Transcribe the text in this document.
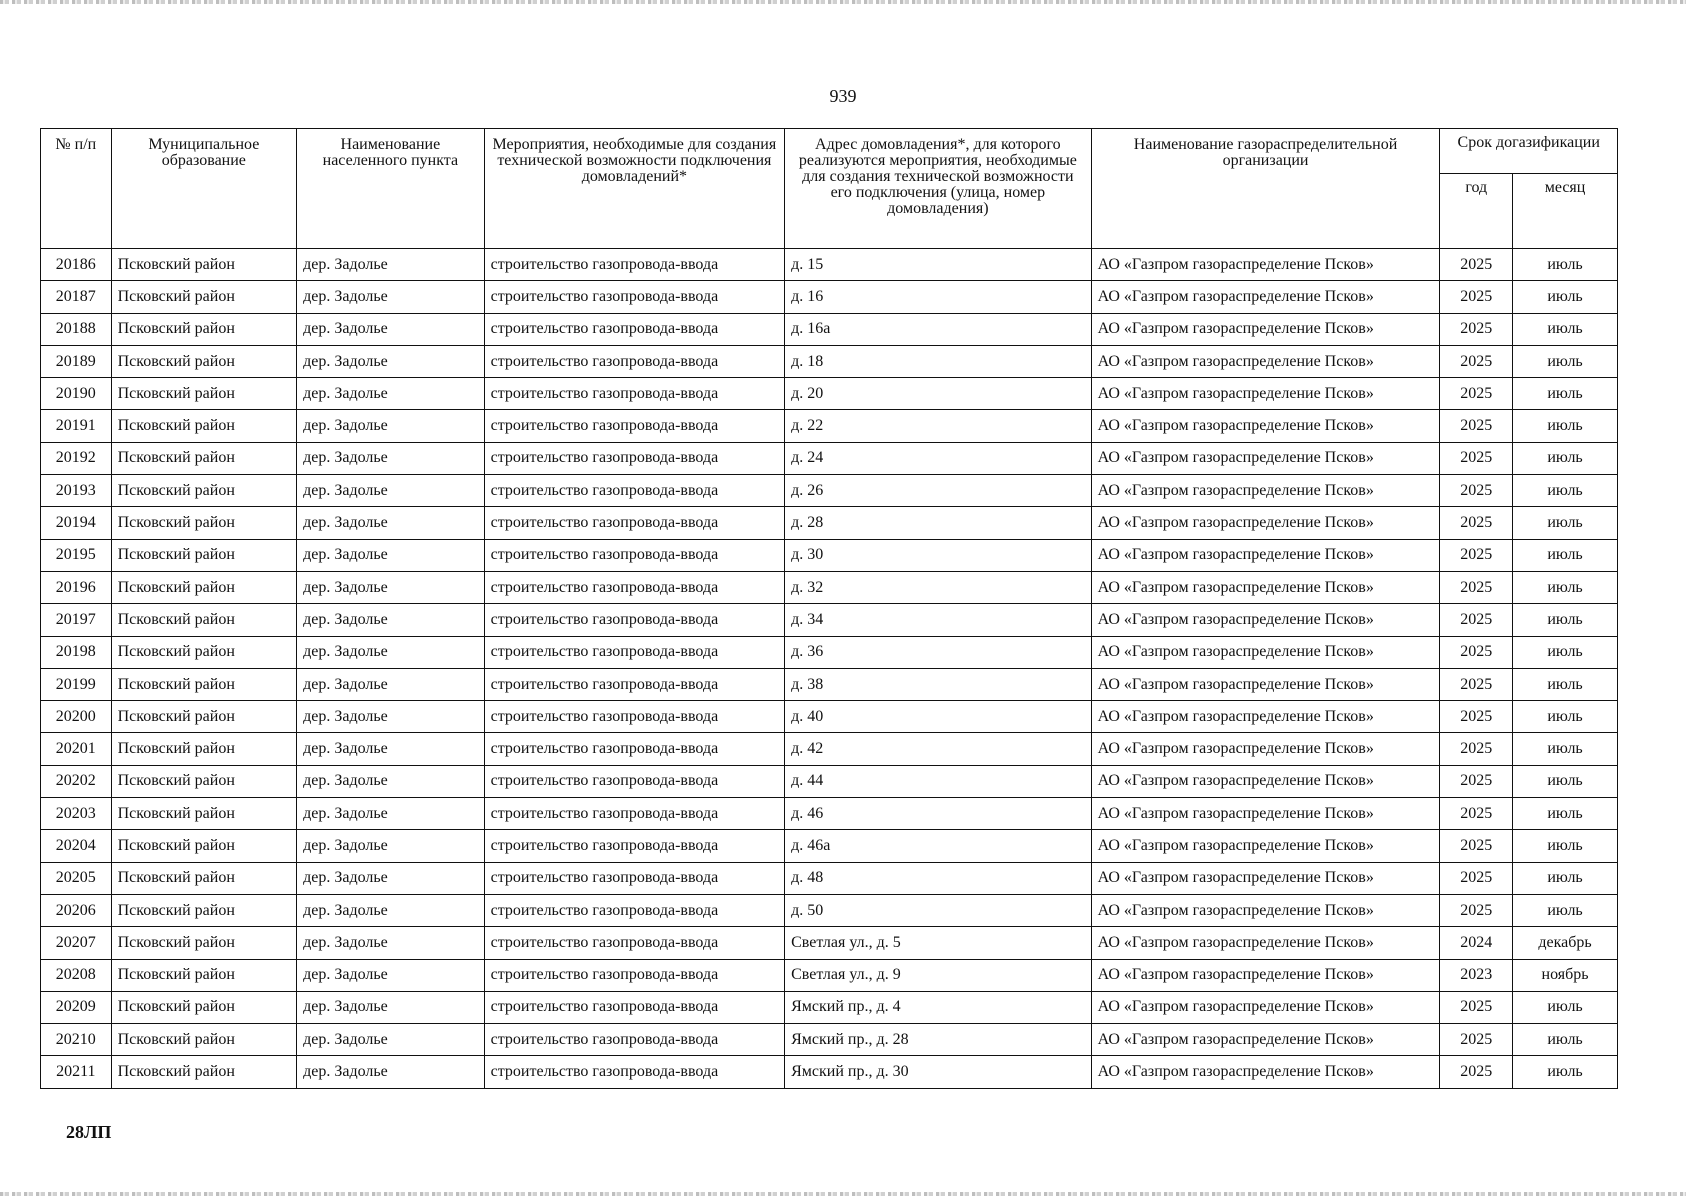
939
№ п/п	Муниципальное образование	Наименование населенного пункта	Мероприятия, необходимые для создания технической возможности подключения домовладений*	Адрес домовладения*, для которого реализуются мероприятия, необходимые для создания технической возможности его подключения (улица, номер домовладения)	Наименование газораспределительной организации	Срок догазификации	
						год	месяц
20186	Псковский район	дер. Задолье	строительство газопровода-ввода	д. 15	АО «Газпром газораспределение Псков»	2025	июль
20187	Псковский район	дер. Задолье	строительство газопровода-ввода	д. 16	АО «Газпром газораспределение Псков»	2025	июль
20188	Псковский район	дер. Задолье	строительство газопровода-ввода	д. 16а	АО «Газпром газораспределение Псков»	2025	июль
20189	Псковский район	дер. Задолье	строительство газопровода-ввода	д. 18	АО «Газпром газораспределение Псков»	2025	июль
20190	Псковский район	дер. Задолье	строительство газопровода-ввода	д. 20	АО «Газпром газораспределение Псков»	2025	июль
20191	Псковский район	дер. Задолье	строительство газопровода-ввода	д. 22	АО «Газпром газораспределение Псков»	2025	июль
20192	Псковский район	дер. Задолье	строительство газопровода-ввода	д. 24	АО «Газпром газораспределение Псков»	2025	июль
20193	Псковский район	дер. Задолье	строительство газопровода-ввода	д. 26	АО «Газпром газораспределение Псков»	2025	июль
20194	Псковский район	дер. Задолье	строительство газопровода-ввода	д. 28	АО «Газпром газораспределение Псков»	2025	июль
20195	Псковский район	дер. Задолье	строительство газопровода-ввода	д. 30	АО «Газпром газораспределение Псков»	2025	июль
20196	Псковский район	дер. Задолье	строительство газопровода-ввода	д. 32	АО «Газпром газораспределение Псков»	2025	июль
20197	Псковский район	дер. Задолье	строительство газопровода-ввода	д. 34	АО «Газпром газораспределение Псков»	2025	июль
20198	Псковский район	дер. Задолье	строительство газопровода-ввода	д. 36	АО «Газпром газораспределение Псков»	2025	июль
20199	Псковский район	дер. Задолье	строительство газопровода-ввода	д. 38	АО «Газпром газораспределение Псков»	2025	июль
20200	Псковский район	дер. Задолье	строительство газопровода-ввода	д. 40	АО «Газпром газораспределение Псков»	2025	июль
20201	Псковский район	дер. Задолье	строительство газопровода-ввода	д. 42	АО «Газпром газораспределение Псков»	2025	июль
20202	Псковский район	дер. Задолье	строительство газопровода-ввода	д. 44	АО «Газпром газораспределение Псков»	2025	июль
20203	Псковский район	дер. Задолье	строительство газопровода-ввода	д. 46	АО «Газпром газораспределение Псков»	2025	июль
20204	Псковский район	дер. Задолье	строительство газопровода-ввода	д. 46а	АО «Газпром газораспределение Псков»	2025	июль
20205	Псковский район	дер. Задолье	строительство газопровода-ввода	д. 48	АО «Газпром газораспределение Псков»	2025	июль
20206	Псковский район	дер. Задолье	строительство газопровода-ввода	д. 50	АО «Газпром газораспределение Псков»	2025	июль
20207	Псковский район	дер. Задолье	строительство газопровода-ввода	Светлая ул., д. 5	АО «Газпром газораспределение Псков»	2024	декабрь
20208	Псковский район	дер. Задолье	строительство газопровода-ввода	Светлая ул., д. 9	АО «Газпром газораспределение Псков»	2023	ноябрь
20209	Псковский район	дер. Задолье	строительство газопровода-ввода	Ямский пр., д. 4	АО «Газпром газораспределение Псков»	2025	июль
20210	Псковский район	дер. Задолье	строительство газопровода-ввода	Ямский пр., д. 28	АО «Газпром газораспределение Псков»	2025	июль
20211	Псковский район	дер. Задолье	строительство газопровода-ввода	Ямский пр., д. 30	АО «Газпром газораспределение Псков»	2025	июль
28ЛП
